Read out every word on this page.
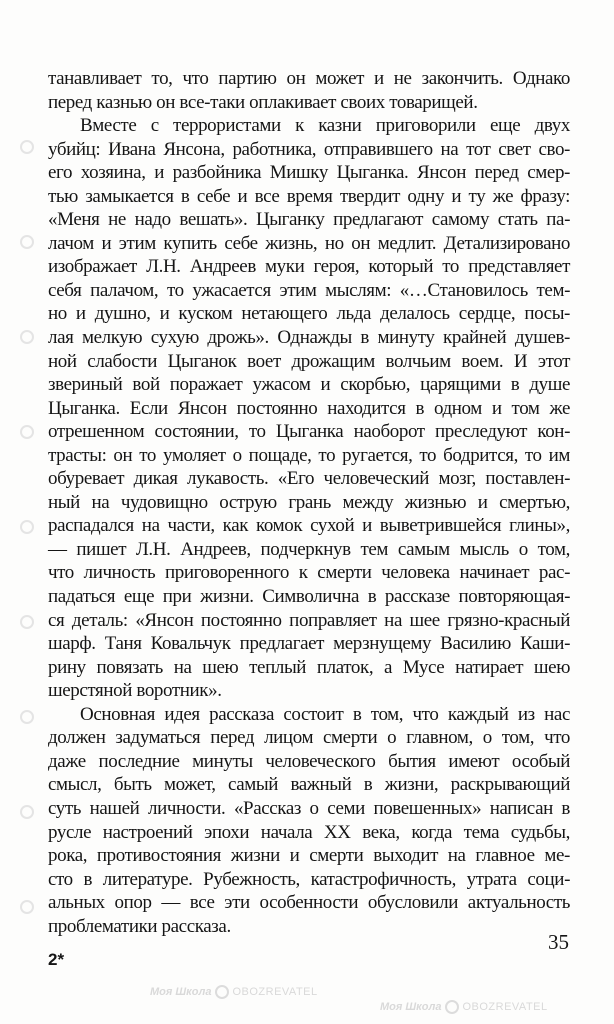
Моя Школа OBOZREVATEL
Моя Школа OBOZREVATEL
танавливает то, что партию он может и не закончить. Однако
перед казнью он все-таки оплакивает своих товарищей.
Вместе с террористами к казни приговорили еще двух
убийц: Ивана Янсона, работника, отправившего на тот свет сво-
его хозяина, и разбойника Мишку Цыганка. Янсон перед смер-
тью замыкается в себе и все время твердит одну и ту же фразу:
«Меня не надо вешать». Цыганку предлагают самому стать па-
лачом и этим купить себе жизнь, но он медлит. Детализировано
изображает Л.Н. Андреев муки героя, который то представляет
себя палачом, то ужасается этим мыслям: «…Становилось тем-
но и душно, и куском нетающего льда делалось сердце, посы-
лая мелкую сухую дрожь». Однажды в минуту крайней душев-
ной слабости Цыганок воет дрожащим волчьим воем. И этот
звериный вой поражает ужасом и скорбью, царящими в душе
Цыганка. Если Янсон постоянно находится в одном и том же
отрешенном состоянии, то Цыганка наоборот преследуют кон-
трасты: он то умоляет о пощаде, то ругается, то бодрится, то им
обуревает дикая лукавость. «Его человеческий мозг, поставлен-
ный на чудовищно острую грань между жизнью и смертью,
распадался на части, как комок сухой и выветрившейся глины»,
— пишет Л.Н. Андреев, подчеркнув тем самым мысль о том,
что личность приговоренного к смерти человека начинает рас-
падаться еще при жизни. Символична в рассказе повторяющая-
ся деталь: «Янсон постоянно поправляет на шее грязно-красный
шарф. Таня Ковальчук предлагает мерзнущему Василию Каши-
рину повязать на шею теплый платок, а Мусе натирает шею
шерстяной воротник».
Основная идея рассказа состоит в том, что каждый из нас
должен задуматься перед лицом смерти о главном, о том, что
даже последние минуты человеческого бытия имеют особый
смысл, быть может, самый важный в жизни, раскрывающий
суть нашей личности. «Рассказ о семи повешенных» написан в
русле настроений эпохи начала XX века, когда тема судьбы,
рока, противостояния жизни и смерти выходит на главное ме-
сто в литературе. Рубежность, катастрофичность, утрата соци-
альных опор — все эти особенности обусловили актуальность
проблематики рассказа.
2*
35
